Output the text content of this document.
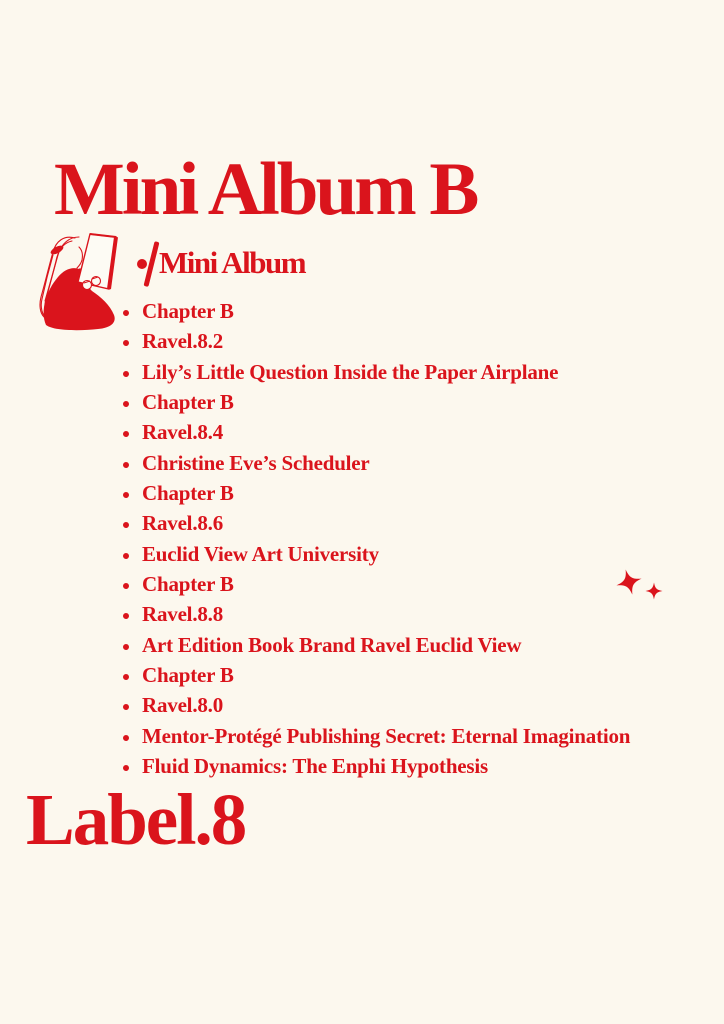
Mini Album B
Mini Album
Chapter B
Ravel.8.2
Lily’s Little Question Inside the Paper Airplane
Chapter B
Ravel.8.4
Christine Eve’s Scheduler
Chapter B
Ravel.8.6
Euclid View Art University
Chapter B
Ravel.8.8
Art Edition Book Brand Ravel Euclid View
Chapter B
Ravel.8.0
Mentor-Protégé Publishing Secret: Eternal Imagination
Fluid Dynamics: The Enphi Hypothesis
Label.8
